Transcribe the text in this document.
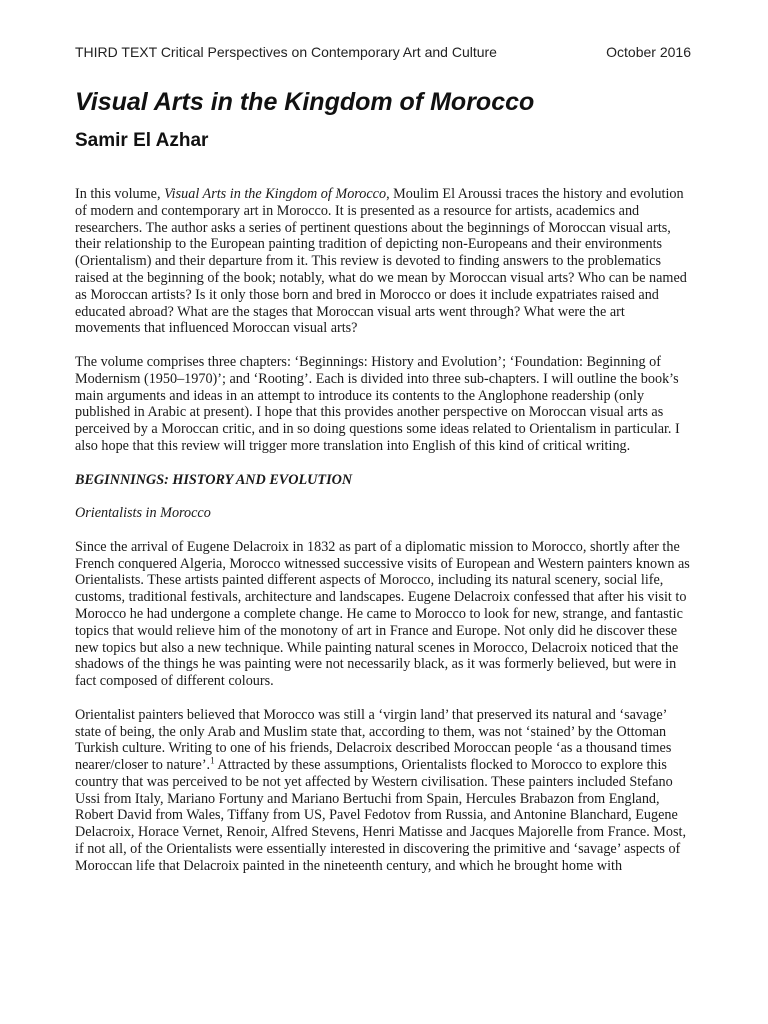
THIRD TEXT Critical Perspectives on Contemporary Art and Culture	October 2016
Visual Arts in the Kingdom of Morocco
Samir El Azhar

In this volume, Visual Arts in the Kingdom of Morocco, Moulim El Aroussi traces the history and evolution of modern and contemporary art in Morocco. It is presented as a resource for artists, academics and researchers. The author asks a series of pertinent questions about the beginnings of Moroccan visual arts, their relationship to the European painting tradition of depicting non-Europeans and their environments (Orientalism) and their departure from it. This review is devoted to finding answers to the problematics raised at the beginning of the book; notably, what do we mean by Moroccan visual arts? Who can be named as Moroccan artists? Is it only those born and bred in Morocco or does it include expatriates raised and educated abroad? What are the stages that Moroccan visual arts went through? What were the art movements that influenced Moroccan visual arts?

The volume comprises three chapters: ‘Beginnings: History and Evolution’; ‘Foundation: Beginning of Modernism (1950–1970)’; and ‘Rooting’. Each is divided into three sub-chapters. I will outline the book’s main arguments and ideas in an attempt to introduce its contents to the Anglophone readership (only published in Arabic at present). I hope that this provides another perspective on Moroccan visual arts as perceived by a Moroccan critic, and in so doing questions some ideas related to Orientalism in particular. I also hope that this review will trigger more translation into English of this kind of critical writing.

BEGINNINGS: HISTORY AND EVOLUTION

Orientalists in Morocco

Since the arrival of Eugene Delacroix in 1832 as part of a diplomatic mission to Morocco, shortly after the French conquered Algeria, Morocco witnessed successive visits of European and Western painters known as Orientalists. These artists painted different aspects of Morocco, including its natural scenery, social life, customs, traditional festivals, architecture and landscapes. Eugene Delacroix confessed that after his visit to Morocco he had undergone a complete change. He came to Morocco to look for new, strange, and fantastic topics that would relieve him of the monotony of art in France and Europe. Not only did he discover these new topics but also a new technique. While painting natural scenes in Morocco, Delacroix noticed that the shadows of the things he was painting were not necessarily black, as it was formerly believed, but were in fact composed of different colours.

Orientalist painters believed that Morocco was still a ‘virgin land’ that preserved its natural and ‘savage’ state of being, the only Arab and Muslim state that, according to them, was not ‘stained’ by the Ottoman Turkish culture. Writing to one of his friends, Delacroix described Moroccan people ‘as a thousand times nearer/closer to nature’.$^1$ Attracted by these assumptions, Orientalists flocked to Morocco to explore this country that was perceived to be not yet affected by Western civilisation. These painters included Stefano Ussi from Italy, Mariano Fortuny and Mariano Bertuchi from Spain, Hercules Brabazon from England, Robert David from Wales, Tiffany from US, Pavel Fedotov from Russia, and Antonine Blanchard, Eugene Delacroix, Horace Vernet, Renoir, Alfred Stevens, Henri Matisse and Jacques Majorelle from France. Most, if not all, of the Orientalists were essentially interested in discovering the primitive and ‘savage’ aspects of Moroccan life that Delacroix painted in the nineteenth century, and which he brought home with
